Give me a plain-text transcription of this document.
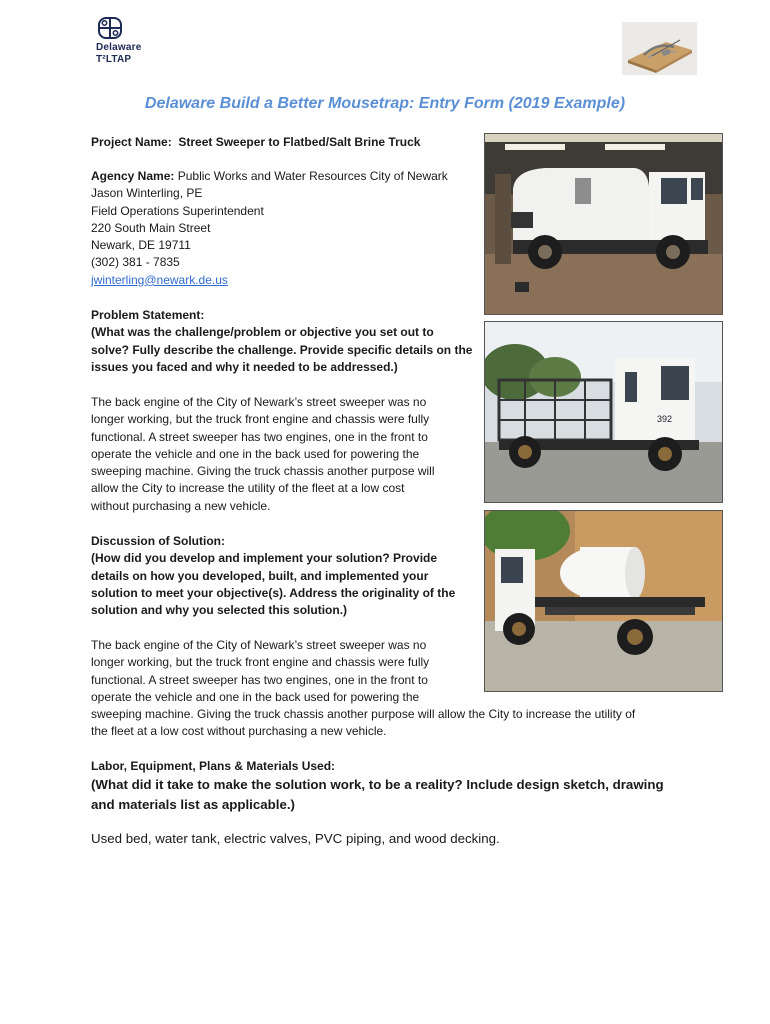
Delaware
T²LTAP
Delaware Build a Better Mousetrap: Entry Form (2019 Example)
Project Name: Street Sweeper to Flatbed/Salt Brine Truck
Agency Name: Public Works and Water Resources City of Newark
Jason Winterling, PE
Field Operations Superintendent
220 South Main Street
Newark, DE 19711
(302) 381 - 7835
jwinterling@newark.de.us
Problem Statement:
(What was the challenge/problem or objective you set out to
solve? Fully describe the challenge. Provide specific details on the
issues you faced and why it needed to be addressed.)
The back engine of the City of Newark’s street sweeper was no
longer working, but the truck front engine and chassis were fully
functional. A street sweeper has two engines, one in the front to
operate the vehicle and one in the back used for powering the
sweeping machine. Giving the truck chassis another purpose will
allow the City to increase the utility of the fleet at a low cost
without purchasing a new vehicle.
Discussion of Solution:
(How did you develop and implement your solution? Provide
details on how you developed, built, and implemented your
solution to meet your objective(s). Address the originality of the
solution and why you selected this solution.)
The back engine of the City of Newark’s street sweeper was no
longer working, but the truck front engine and chassis were fully
functional. A street sweeper has two engines, one in the front to
operate the vehicle and one in the back used for powering the
sweeping machine. Giving the truck chassis another purpose will allow the City to increase the utility of
the fleet at a low cost without purchasing a new vehicle.
Labor, Equipment, Plans & Materials Used:
(What did it take to make the solution work, to be a reality? Include design sketch, drawing
and materials list as applicable.)
Used bed, water tank, electric valves, PVC piping, and wood decking.
392
